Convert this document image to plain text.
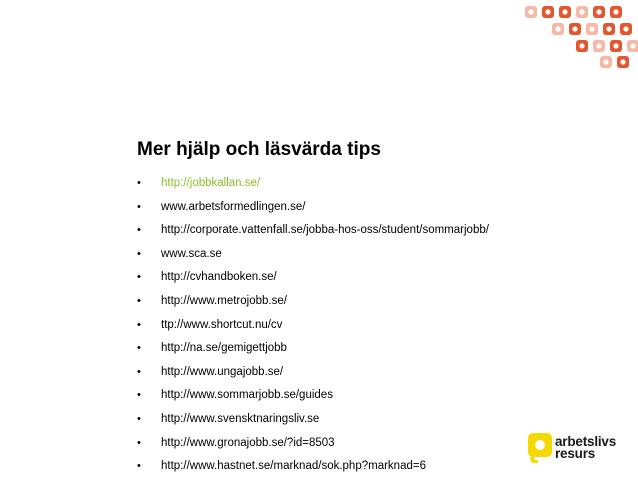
Mer hjälp och läsvärda tips
•	http://jobbkallan.se/
•	www.arbetsformedlingen.se/
•	http://corporate.vattenfall.se/jobba-hos-oss/student/sommarjobb/
•	www.sca.se
•	http://cvhandboken.se/
•	http://www.metrojobb.se/
•	ttp://www.shortcut.nu/cv
•	http://na.se/gemigettjobb
•	http://www.ungajobb.se/
•	http://www.sommarjobb.se/guides
•	http://www.svensktnaringsliv.se
•	http://www.gronajobb.se/?id=8503
•	http://www.hastnet.se/marknad/sok.php?marknad=6
arbetslivs
resurs
